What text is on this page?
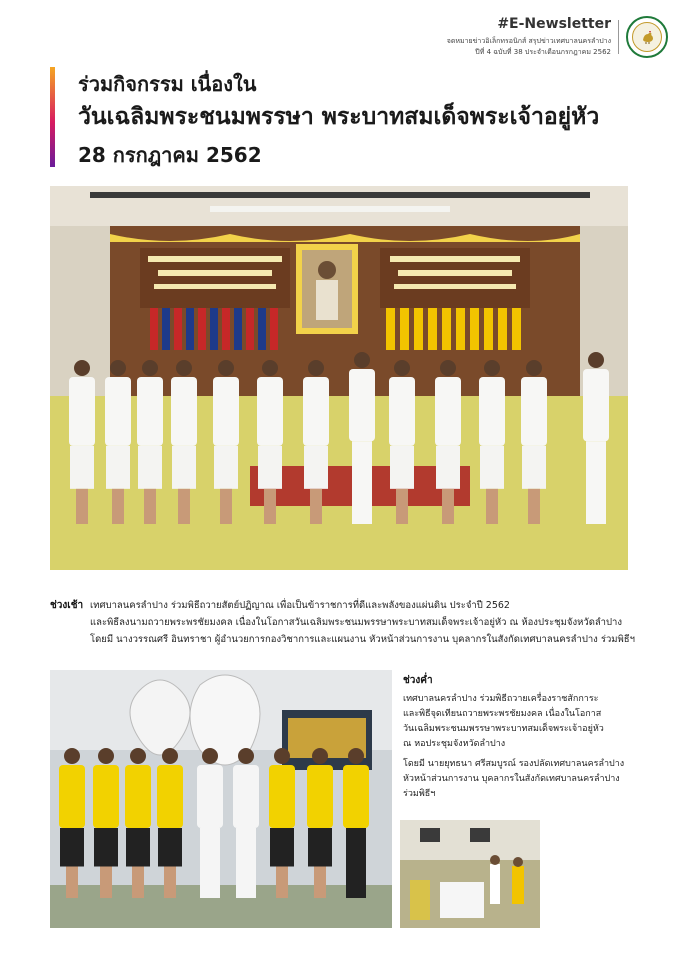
#E-Newsletter
จดหมายข่าวอิเล็กทรอนิกส์ สรุปข่าวเทศบาลนครลำปาง
ปีที่ 4 ฉบับที่ 38 ประจำเดือนกรกฎาคม 2562
ร่วมกิจกรรม เนื่องใน
วันเฉลิมพระชนมพรรษา พระบาทสมเด็จพระเจ้าอยู่หัว
28 กรกฎาคม 2562
ช่วงเช้า เทศบาลนครลำปาง ร่วมพิธีถวายสัตย์ปฏิญาณ เพื่อเป็นข้าราชการที่ดีและพลังของแผ่นดิน ประจำปี 2562
และพิธีลงนามถวายพระพรชัยมงคล เนื่องในโอกาสวันเฉลิมพระชนมพรรษาพระบาทสมเด็จพระเจ้าอยู่หัว ณ ห้องประชุมจังหวัดลำปาง
โดยมี นางวรรณศรี อินทราชา ผู้อำนวยการกองวิชาการและแผนงาน หัวหน้าส่วนการงาน บุคลากรในสังกัดเทศบาลนครลำปาง ร่วมพิธีฯ
ช่วงค่ำ
เทศบาลนครลำปาง ร่วมพิธีถวายเครื่องราชสักการะ
และพิธีจุดเทียนถวายพระพรชัยมงคล เนื่องในโอกาส
วันเฉลิมพระชนมพรรษาพระบาทสมเด็จพระเจ้าอยู่หัว
ณ หอประชุมจังหวัดลำปาง
โดยมี นายยุทธนา ศรีสมบูรณ์ รองปลัดเทศบาลนครลำปาง
หัวหน้าส่วนการงาน บุคลากรในสังกัดเทศบาลนครลำปาง
ร่วมพิธีฯ
